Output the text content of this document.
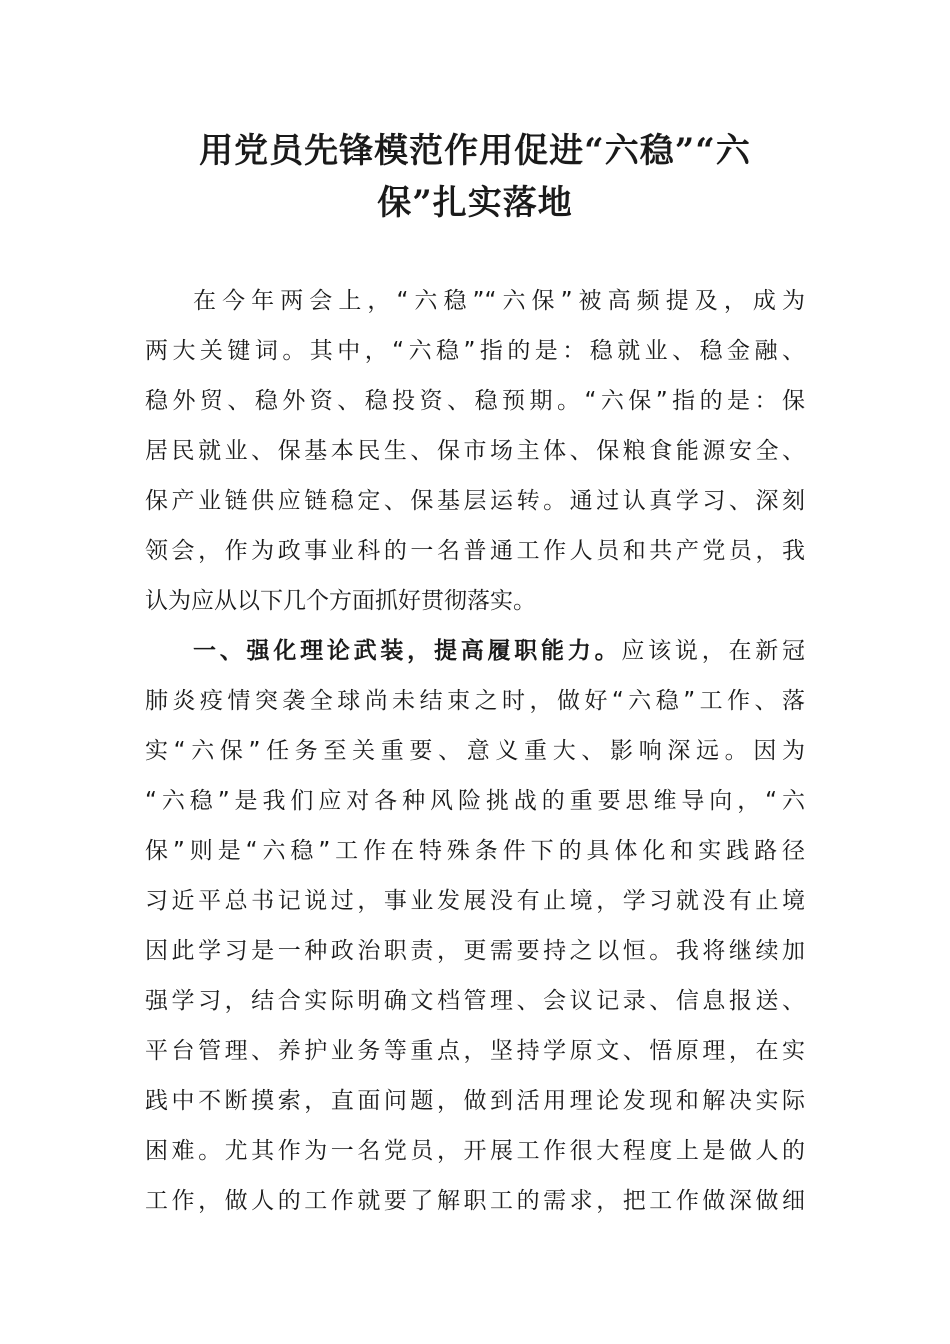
用党员先锋模范作用促进“六稳”“六
保”扎实落地
在今年两会上，“六稳”“六保”被高频提及，成为
两大关键词。其中，“六稳”指的是：稳就业、稳金融、
稳外贸、稳外资、稳投资、稳预期。“六保”指的是：保
居民就业、保基本民生、保市场主体、保粮食能源安全、
保产业链供应链稳定、保基层运转。通过认真学习、深刻
领会，作为政事业科的一名普通工作人员和共产党员，我
认为应从以下几个方面抓好贯彻落实。
一、强化理论武装，提高履职能力。应该说，在新冠
肺炎疫情突袭全球尚未结束之时，做好“六稳”工作、落
实“六保”任务至关重要、意义重大、影响深远。因为
“六稳”是我们应对各种风险挑战的重要思维导向，“六
保”则是“六稳”工作在特殊条件下的具体化和实践路径
习近平总书记说过，事业发展没有止境，学习就没有止境
因此学习是一种政治职责，更需要持之以恒。我将继续加
强学习，结合实际明确文档管理、会议记录、信息报送、
平台管理、养护业务等重点，坚持学原文、悟原理，在实
践中不断摸索，直面问题，做到活用理论发现和解决实际
困难。尤其作为一名党员，开展工作很大程度上是做人的
工作，做人的工作就要了解职工的需求，把工作做深做细
